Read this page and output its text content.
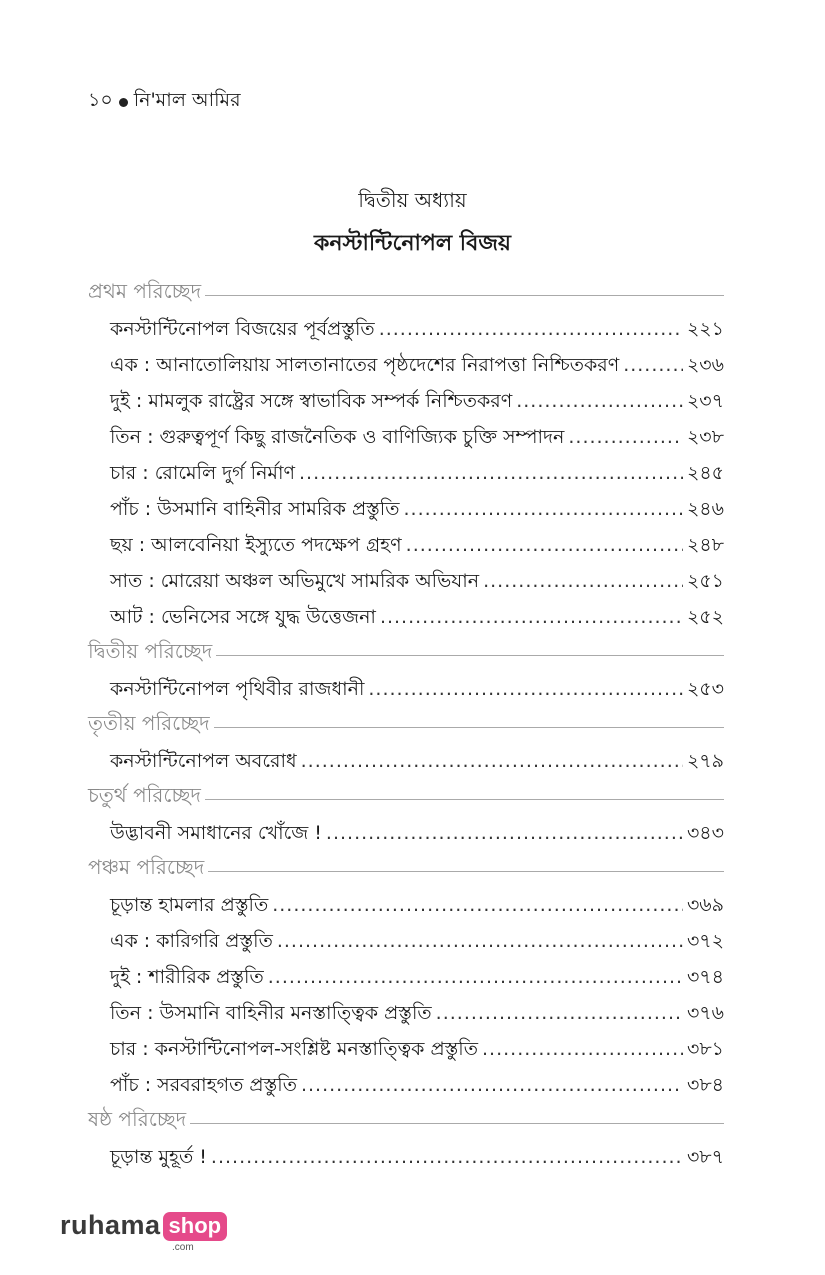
১০ নি'মাল আমির
দ্বিতীয় অধ্যায়
কনস্টান্টিনোপল বিজয়
প্রথম পরিচ্ছেদ
কনস্টান্টিনোপল বিজয়ের পূর্বপ্রস্তুতি .....	২২১
এক : আনাতোলিয়ায় সালতানাতের পৃষ্ঠদেশের নিরাপত্তা নিশ্চিতকরণ .....	২৩৬
দুই : মামলুক রাষ্ট্রের সঙ্গে স্বাভাবিক সম্পর্ক নিশ্চিতকরণ .....	২৩৭
তিন : গুরুত্বপূর্ণ কিছু রাজনৈতিক ও বাণিজ্যিক চুক্তি সম্পাদন .....	২৩৮
চার : রোমেলি দুর্গ নির্মাণ .....	২৪৫
পাঁচ : উসমানি বাহিনীর সামরিক প্রস্তুতি .....	২৪৬
ছয় : আলবেনিয়া ইস্যুতে পদক্ষেপ গ্রহণ .....	২৪৮
সাত : মোরেয়া অঞ্চল অভিমুখে সামরিক অভিযান .....	২৫১
আট : ভেনিসের সঙ্গে যুদ্ধ উত্তেজনা .....	২৫২
দ্বিতীয় পরিচ্ছেদ
কনস্টান্টিনোপল পৃথিবীর রাজধানী .....	২৫৩
তৃতীয় পরিচ্ছেদ
কনস্টান্টিনোপল অবরোধ .....	২৭৯
চতুর্থ পরিচ্ছেদ
উদ্ভাবনী সমাধানের খোঁজে ! .....	৩৪৩
পঞ্চম পরিচ্ছেদ
চূড়ান্ত হামলার প্রস্তুতি .....	৩৬৯
এক : কারিগরি প্রস্তুতি .....	৩৭২
দুই : শারীরিক প্রস্তুতি .....	৩৭৪
তিন : উসমানি বাহিনীর মনস্তাত্ত্বিক প্রস্তুতি .....	৩৭৬
চার : কনস্টান্টিনোপল-সংশ্লিষ্ট মনস্তাত্ত্বিক প্রস্তুতি .....	৩৮১
পাঁচ : সরবরাহগত প্রস্তুতি .....	৩৮৪
ষষ্ঠ পরিচ্ছেদ
চূড়ান্ত মুহূর্ত ! .....	৩৮৭
ruhama shop
.com
